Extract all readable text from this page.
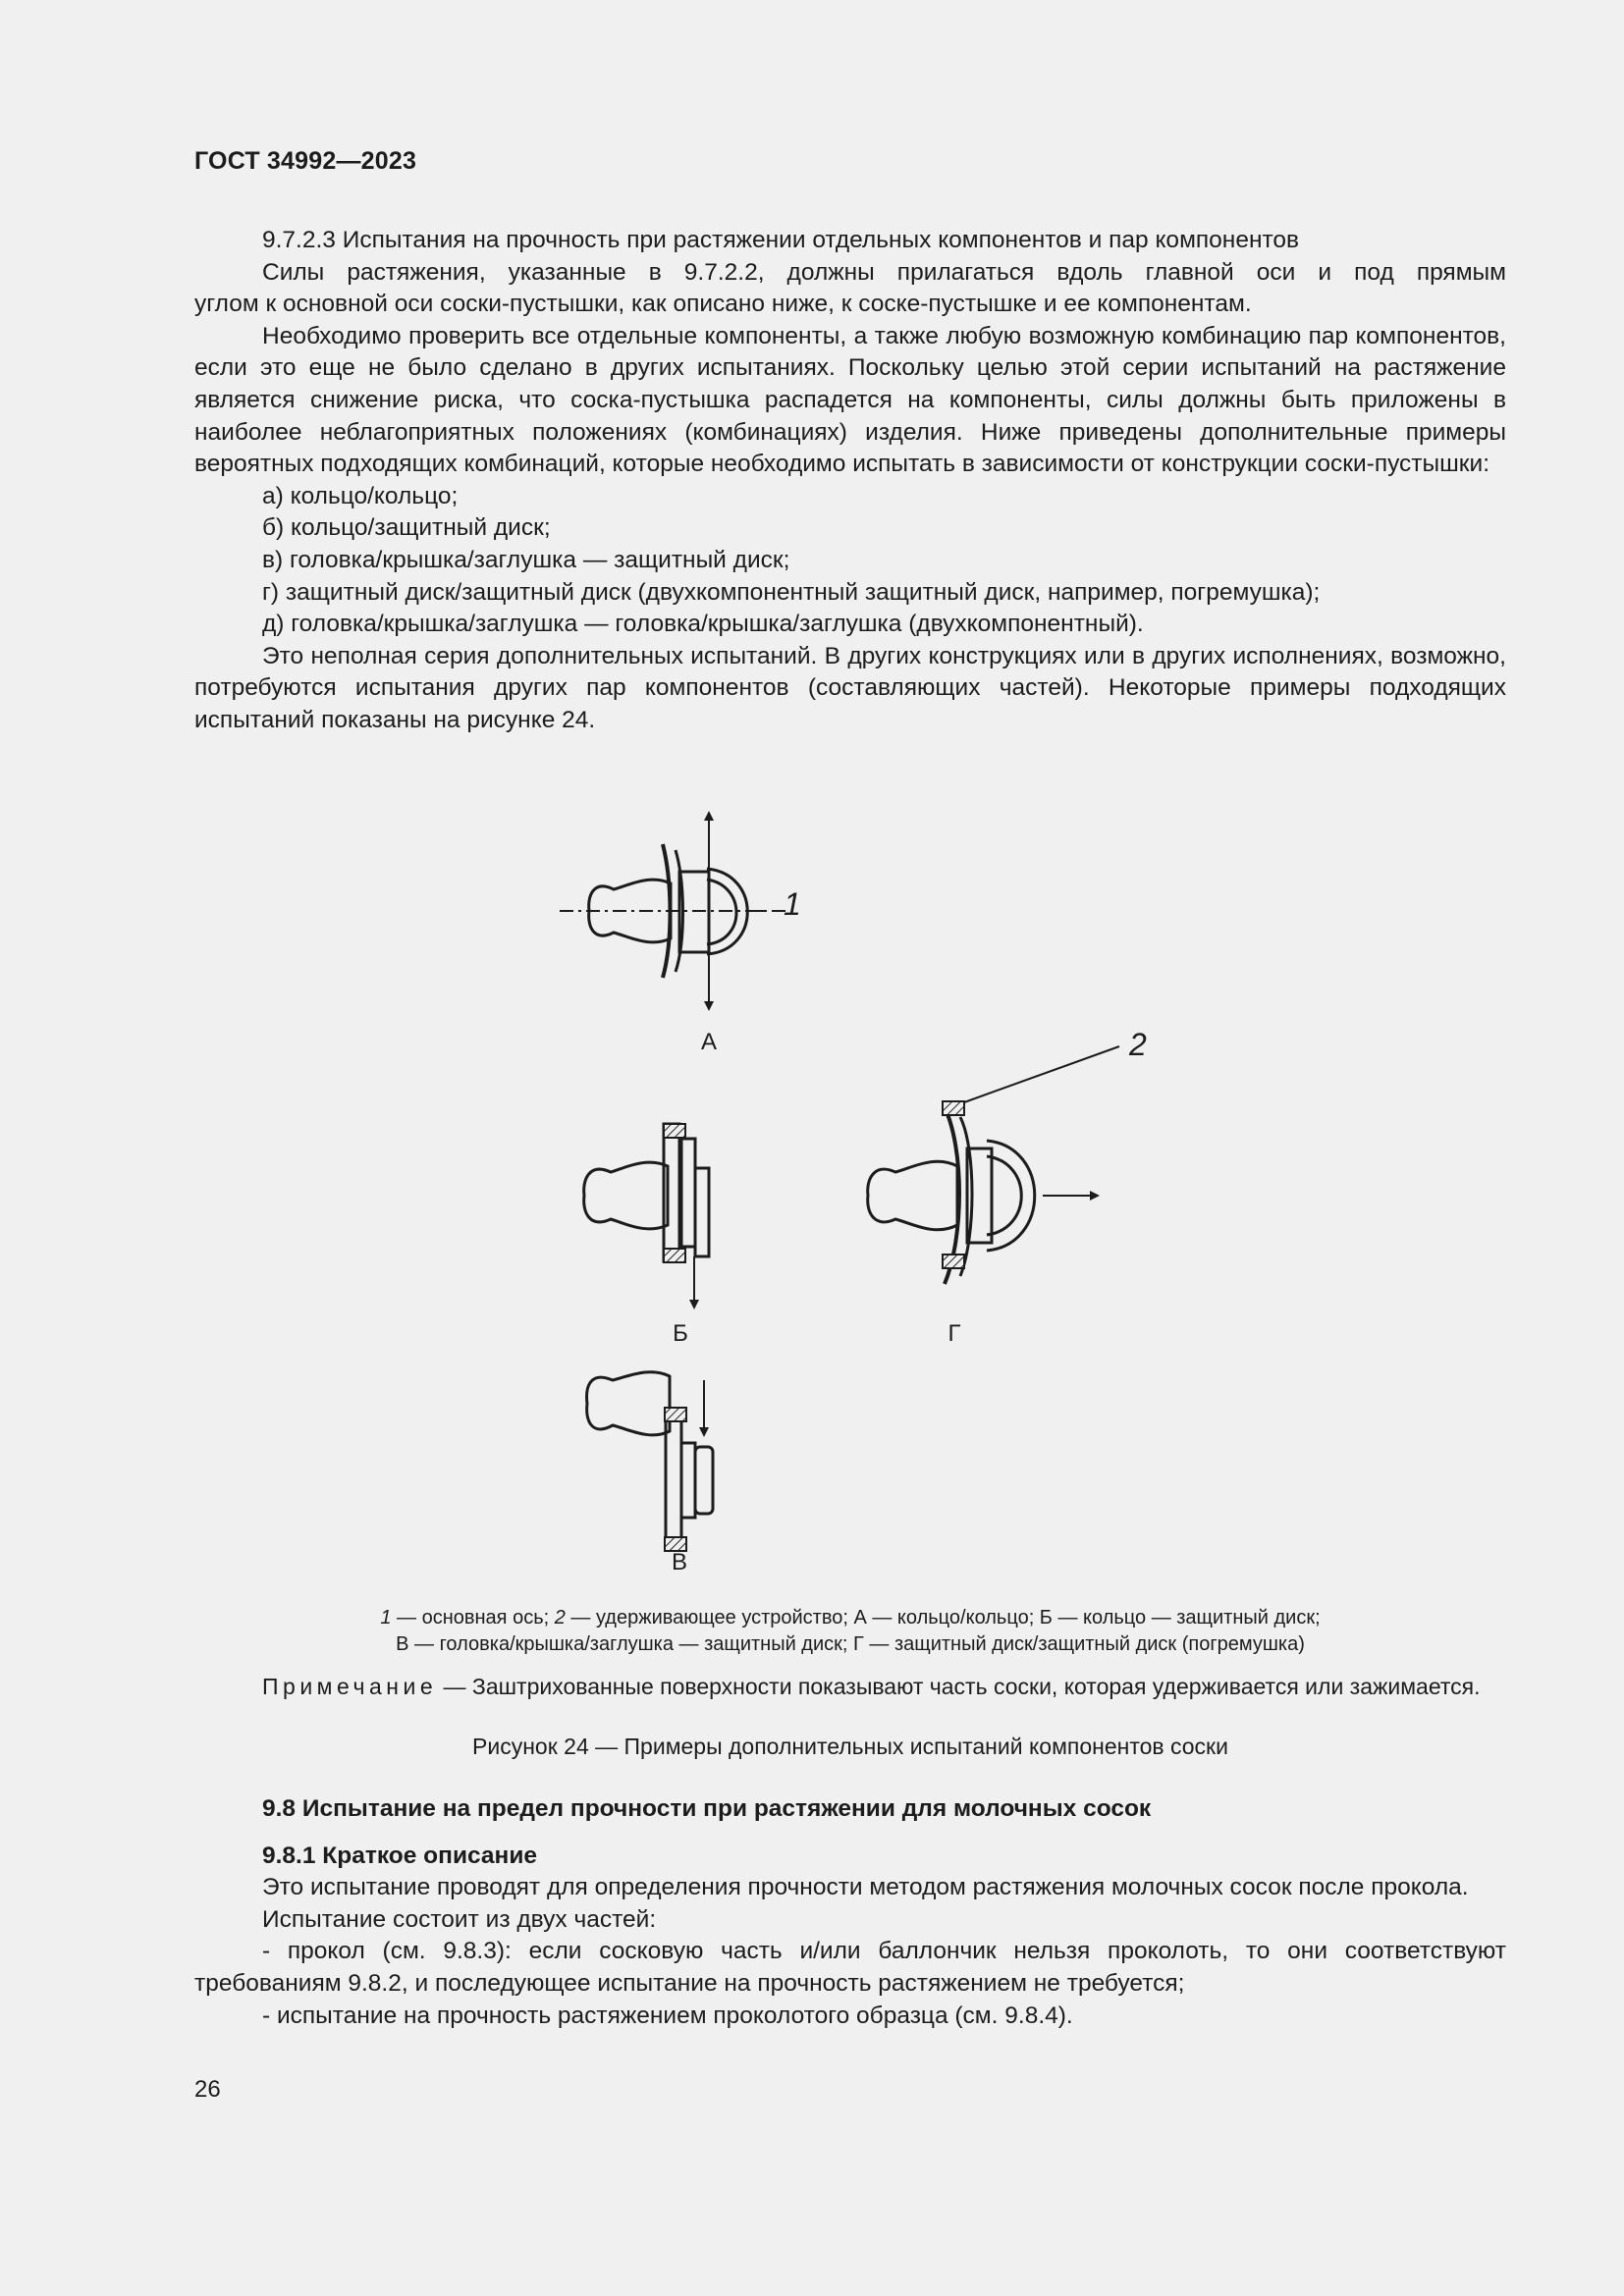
ГОСТ 34992—2023

9.7.2.3 Испытания на прочность при растяжении отдельных компонентов и пар компонентов

Силы растяжения, указанные в 9.7.2.2, должны прилагаться вдоль главной оси и под прямым

углом к основной оси соски-пустышки, как описано ниже, к соске-пустышке и ее компонентам.

Необходимо проверить все отдельные компоненты, а также любую возможную комбинацию пар компонентов, если это еще не было сделано в других испытаниях. Поскольку целью этой серии испытаний на растяжение является снижение риска, что соска-пустышка распадется на компоненты, силы должны быть приложены в наиболее неблагоприятных положениях (комбинациях) изделия. Ниже приведены дополнительные примеры вероятных подходящих комбинаций, которые необходимо испытать в зависимости от конструкции соски-пустышки:

а) кольцо/кольцо;

б) кольцо/защитный диск;

в) головка/крышка/заглушка — защитный диск;

г) защитный диск/защитный диск (двухкомпонентный защитный диск, например, погремушка);

д) головка/крышка/заглушка — головка/крышка/заглушка (двухкомпонентный).

Это неполная серия дополнительных испытаний. В других конструкциях или в других исполнениях, возможно, потребуются испытания других пар компонентов (составляющих частей). Некоторые примеры подходящих испытаний показаны на рисунке 24.

А
Б	Г
В
1
2
1 — основная ось; 2 — удерживающее устройство; А — кольцо/кольцо; Б — кольцо — защитный диск;
В — головка/крышка/заглушка — защитный диск; Г — защитный диск/защитный диск (погремушка)
Примечание — Заштрихованные поверхности показывают часть соски, которая удерживается или зажимается.
Рисунок 24 — Примеры дополнительных испытаний компонентов соски

9.8 Испытание на предел прочности при растяжении для молочных сосок

9.8.1 Краткое описание

Это испытание проводят для определения прочности методом растяжения молочных сосок после прокола.

Испытание состоит из двух частей:

- прокол (см. 9.8.3): если сосковую часть и/или баллончик нельзя проколоть, то они соответствуют требованиям 9.8.2, и последующее испытание на прочность растяжением не требуется;

- испытание на прочность растяжением проколотого образца (см. 9.8.4).

26
